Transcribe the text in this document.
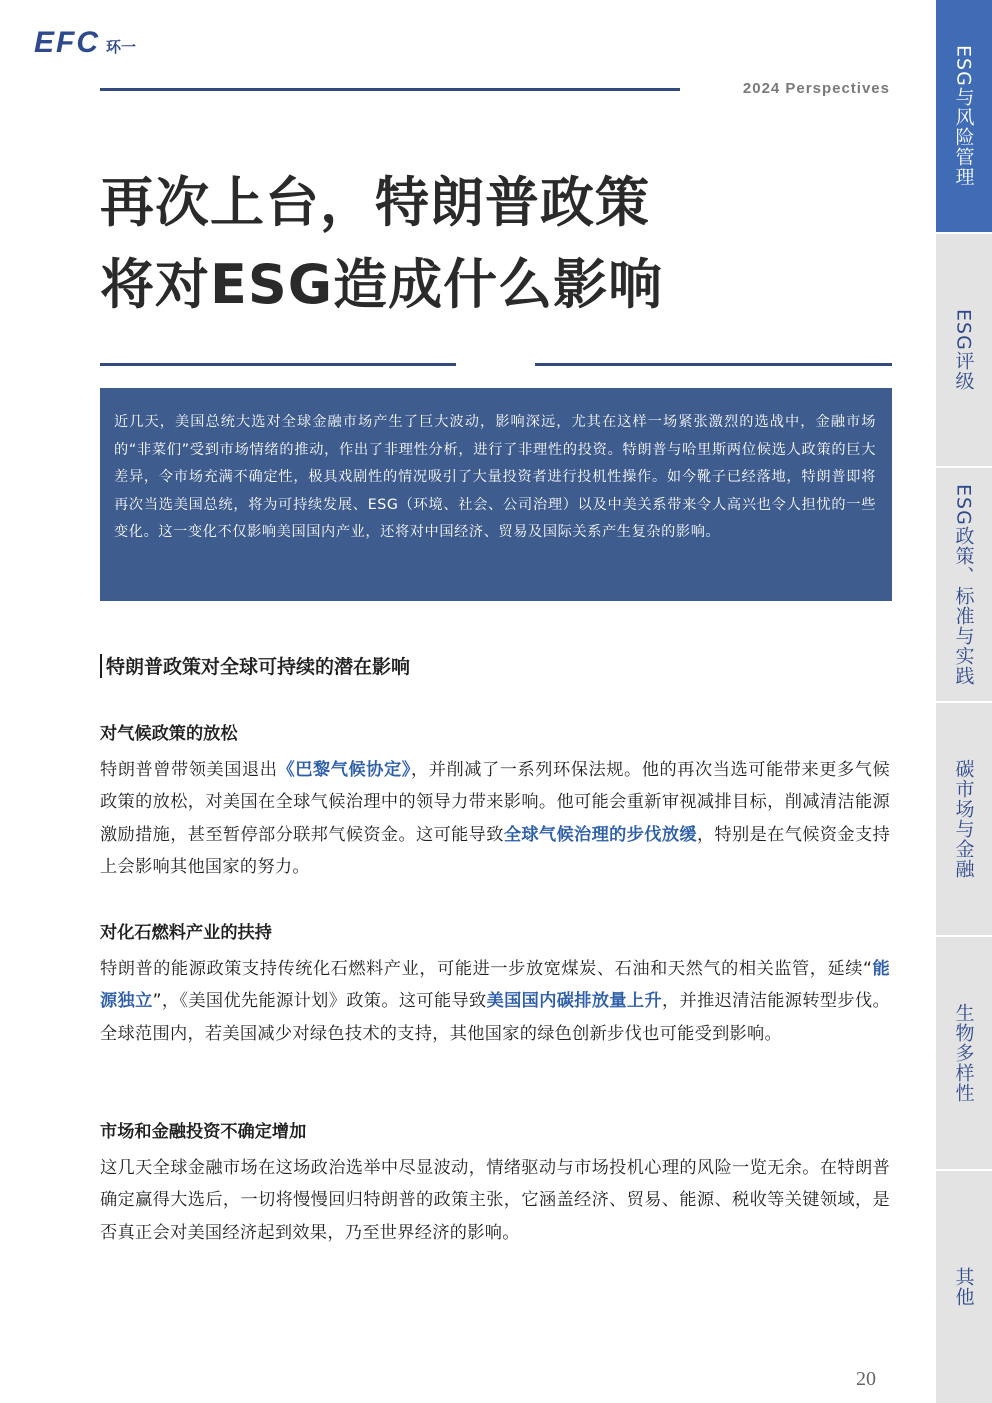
EFC 环一
2024 Perspectives
再次上台，特朗普政策
将对ESG造成什么影响

近几天，美国总统大选对全球金融市场产生了巨大波动，影响深远，尤其在这样一场紧张激烈的选战中，金融市场的“非菜们”受到市场情绪的推动，作出了非理性分析，进行了非理性的投资。特朗普与哈里斯两位候选人政策的巨大差异，令市场充满不确定性，极具戏剧性的情况吸引了大量投资者进行投机性操作。如今靴子已经落地，特朗普即将再次当选美国总统，将为可持续发展、ESG（环境、社会、公司治理）以及中美关系带来令人高兴也令人担忧的一些变化。这一变化不仅影响美国国内产业，还将对中国经济、贸易及国际关系产生复杂的影响。

特朗普政策对全球可持续的潜在影响
对气候政策的放松

特朗普曾带领美国退出《巴黎气候协定》，并削减了一系列环保法规。他的再次当选可能带来更多气候政策的放松，对美国在全球气候治理中的领导力带来影响。他可能会重新审视减排目标，削减清洁能源激励措施，甚至暂停部分联邦气候资金。这可能导致全球气候治理的步伐放缓，特别是在气候资金支持上会影响其他国家的努力。

对化石燃料产业的扶持

特朗普的能源政策支持传统化石燃料产业，可能进一步放宽煤炭、石油和天然气的相关监管，延续“能源独立”，《美国优先能源计划》政策。这可能导致美国国内碳排放量上升，并推迟清洁能源转型步伐。全球范围内，若美国减少对绿色技术的支持，其他国家的绿色创新步伐也可能受到影响。

市场和金融投资不确定增加

这几天全球金融市场在这场政治选举中尽显波动，情绪驱动与市场投机心理的风险一览无余。在特朗普确定赢得大选后，一切将慢慢回归特朗普的政策主张，它涵盖经济、贸易、能源、税收等关键领域，是否真正会对美国经济起到效果，乃至世界经济的影响。

20
ESG与风险管理
ESG评级
ESG政策、标准与实践
碳市场与金融
生物多样性
其他
